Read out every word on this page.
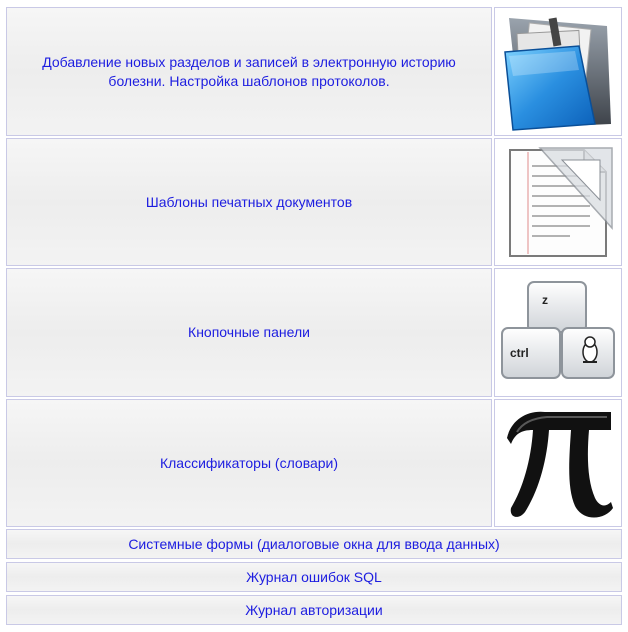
Добавление новых разделов и записей в электронную историю болезни. Настройка шаблонов протоколов.
Шаблоны печатных документов
Кнопочные панели
z
ctrl
Классификаторы (словари)
Системные формы (диалоговые окна для ввода данных)
Журнал ошибок SQL
Журнал авторизации
